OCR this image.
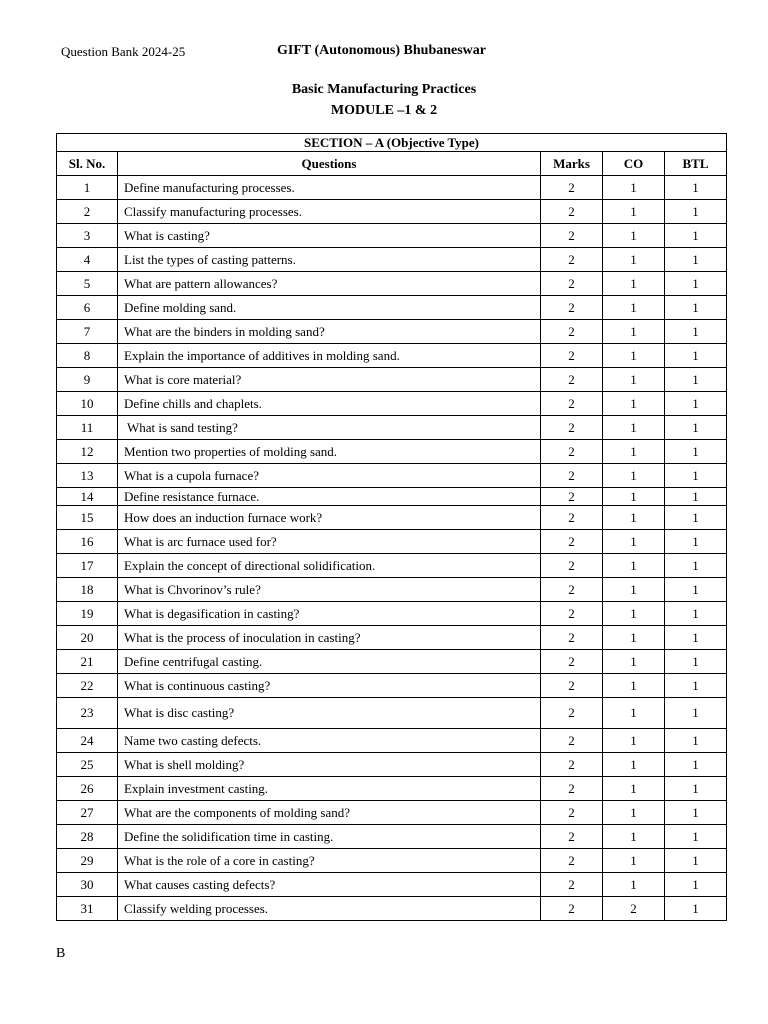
Question Bank 2024-25	GIFT (Autonomous) Bhubaneswar
Basic Manufacturing Practices
MODULE –1 & 2
SECTION – A (Objective Type)				
Sl. No.	Questions	Marks	CO	BTL
1	Define manufacturing processes.	2	1	1
2	Classify manufacturing processes.	2	1	1
3	What is casting?	2	1	1
4	List the types of casting patterns.	2	1	1
5	What are pattern allowances?	2	1	1
6	Define molding sand.	2	1	1
7	What are the binders in molding sand?	2	1	1
8	Explain the importance of additives in molding sand.	2	1	1
9	What is core material?	2	1	1
10	Define chills and chaplets.	2	1	1
11	What is sand testing?	2	1	1
12	Mention two properties of molding sand.	2	1	1
13	What is a cupola furnace?	2	1	1
14	Define resistance furnace.	2	1	1
15	How does an induction furnace work?	2	1	1
16	What is arc furnace used for?	2	1	1
17	Explain the concept of directional solidification.	2	1	1
18	What is Chvorinov’s rule?	2	1	1
19	What is degasification in casting?	2	1	1
20	What is the process of inoculation in casting?	2	1	1
21	Define centrifugal casting.	2	1	1
22	What is continuous casting?	2	1	1
23	What is disc casting?	2	1	1
24	Name two casting defects.	2	1	1
25	What is shell molding?	2	1	1
26	Explain investment casting.	2	1	1
27	What are the components of molding sand?	2	1	1
28	Define the solidification time in casting.	2	1	1
29	What is the role of a core in casting?	2	1	1
30	What causes casting defects?	2	1	1
31	Classify welding processes.	2	2	1
B
